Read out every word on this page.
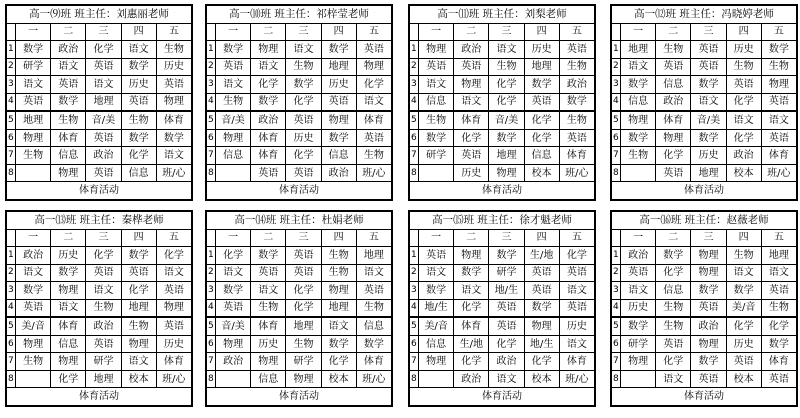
高一⑼班 班主任：刘惠丽老师					
	一	二	三	四	五
1	数学	政治	化学	语文	生物
2	研学	语文	英语	数学	历史
3	语文	英语	语文	历史	英语
4	英语	数学	地理	英语	物理
5	地理	生物	音/美	生物	体育
6	物理	体育	英语	数学	数学
7	生物	信息	政治	化学	语文
8		物理	英语	信息	班/心
体育活动					
高一⑽班 班主任：祁梓莹老师					
	一	二	三	四	五
1	数学	物理	语文	数学	英语
2	英语	语文	生物	地理	物理
3	语文	化学	数学	历史	化学
4	生物	数学	化学	英语	语文
5	音/美	政治	英语	物理	体育
6	物理	体育	历史	数学	英语
7	信息	体育	化学	信息	生物
8		英语	英语	政治	班/心
体育活动					
高一⑾班 班主任：刘梨老师					
	一	二	三	四	五
1	物理	政治	语文	历史	英语
2	英语	英语	生物	地理	生物
3	语文	物理	化学	数学	政治
4	信息	语文	化学	英语	数学
5	生物	体育	音/美	化学	生物
6	数学	化学	数学	化学	英语
7	研学	英语	地理	信息	体育
8		历史	物理	校本	班/心
体育活动					
高一⑿班 班主任：冯晓婷老师					
	一	二	三	四	五
1	地理	生物	英语	历史	数学
2	语文	英语	英语	生物	生物
3	数学	信息	数学	英语	物理
4	信息	政治	语文	化学	英语
5	物理	体育	音/美	语文	语文
6	数学	物理	数学	化学	英语
7	生物	化学	历史	政治	体育
8		英语	地理	校本	班/心
体育活动					
高一⒀班 班主任：秦桦老师					
	一	二	三	四	五
1	政治	历史	化学	数学	化学
2	语文	数学	英语	英语	语文
3	数学	物理	语文	化学	英语
4	英语	语文	生物	地理	物理
5	美/音	体育	政治	生物	英语
6	物理	信息	英语	物理	历史
7	生物	物理	研学	语文	体育
8		化学	地理	校本	班/心
体育活动					
高一⒁班 班主任：杜娟老师					
	一	二	三	四	五
1	化学	数学	英语	生物	地理
2	语文	英语	英语	生物	语文
3	数学	语文	化学	物理	英语
4	英语	生物	化学	地理	生物
5	音/美	体育	地理	语文	信息
6	物理	历史	生物	数学	数学
7	政治	物理	研学	化学	体育
8		信息	物理	校本	班/心
体育活动					
高一⒂班 班主任：徐才魁老师					
	一	二	三	四	五
1	英语	物理	数学	生/地	化学
2	语文	数学	研学	英语	英语
3	数学	语文	地/生	英语	语文
4	地/生	化学	英语	数学	英语
5	美/音	体育	英语	物理	历史
6	信息	生/地	化学	地/生	语文
7	物理	化学	政治	化学	体育
8		政治	语文	校本	班/心
体育活动					
高一⒃班 班主任：赵薇老师					
	一	二	三	四	五
1	政治	数学	物理	生物	地理
2	英语	化学	物理	语文	语文
3	语文	信息	数学	数学	英语
4	历史	生物	英语	美/音	生物
5	数学	生物	政治	化学	化学
6	研学	英语	物理	历史	数学
7	物理	化学	数学	英语	体育
8		语文	英语	校本	英语
体育活动					
